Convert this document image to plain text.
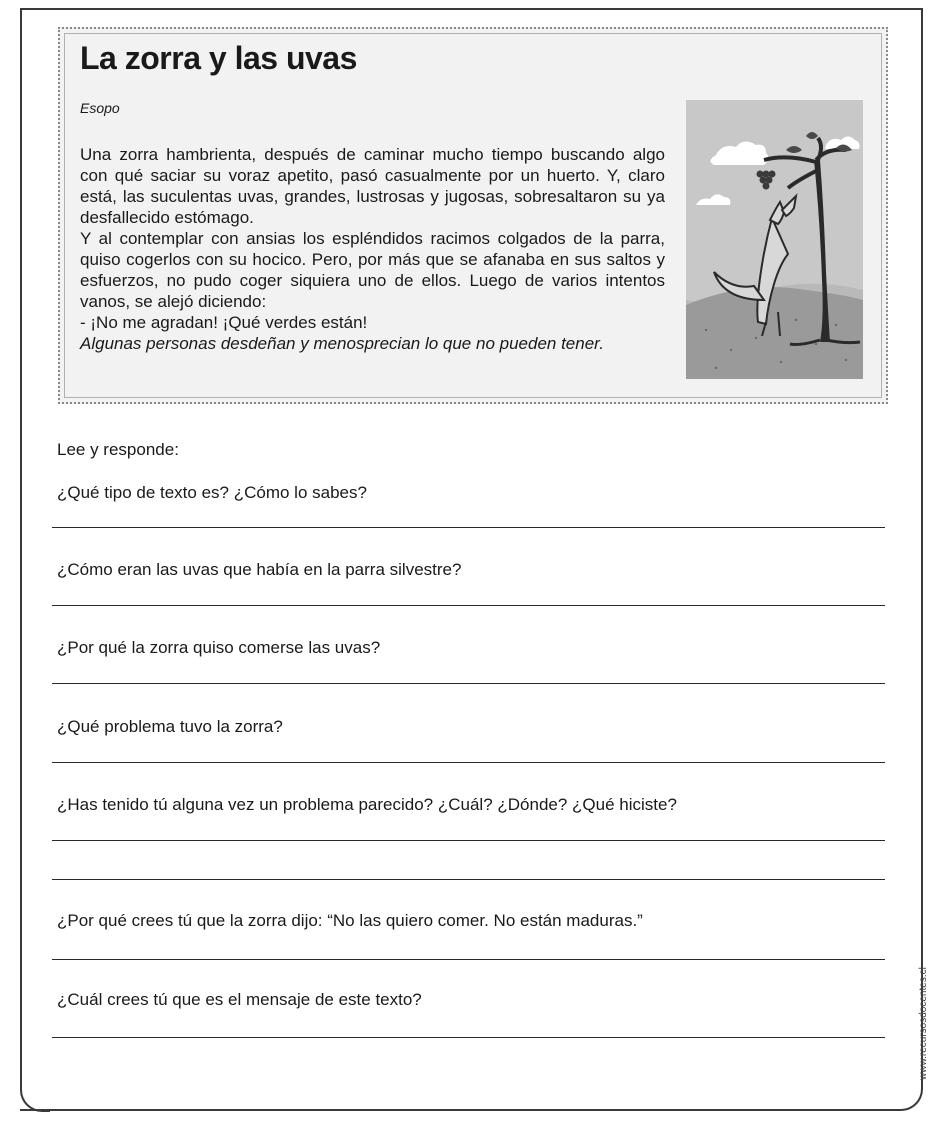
La zorra y las uvas

Esopo

Una zorra hambrienta, después de caminar mucho tiempo buscando algo con qué saciar su voraz apetito, pasó casualmente por un huerto. Y, claro está, las suculentas uvas, grandes, lustrosas y jugosas, sobresaltaron su ya desfallecido estómago.

Y al contemplar con ansias los espléndidos racimos colgados de la parra, quiso cogerlos con su hocico. Pero, por más que se afanaba en sus saltos y esfuerzos, no pudo coger siquiera uno de ellos. Luego de varios intentos vanos, se alejó diciendo:

- ¡No me agradan! ¡Qué verdes están!

Algunas personas desdeñan y menosprecian lo que no pueden tener.

Lee y responde:

¿Qué tipo de texto es? ¿Cómo lo sabes?

¿Cómo eran las uvas que había en la parra silvestre?

¿Por qué la zorra quiso comerse las uvas?

¿Qué problema tuvo la zorra?

¿Has tenido tú alguna vez un problema parecido? ¿Cuál? ¿Dónde? ¿Qué hiciste?

¿Por qué crees tú que la zorra dijo: “No las quiero comer. No están maduras.”

¿Cuál crees tú que es el mensaje de este texto?	www.recursosdocentes.cl
